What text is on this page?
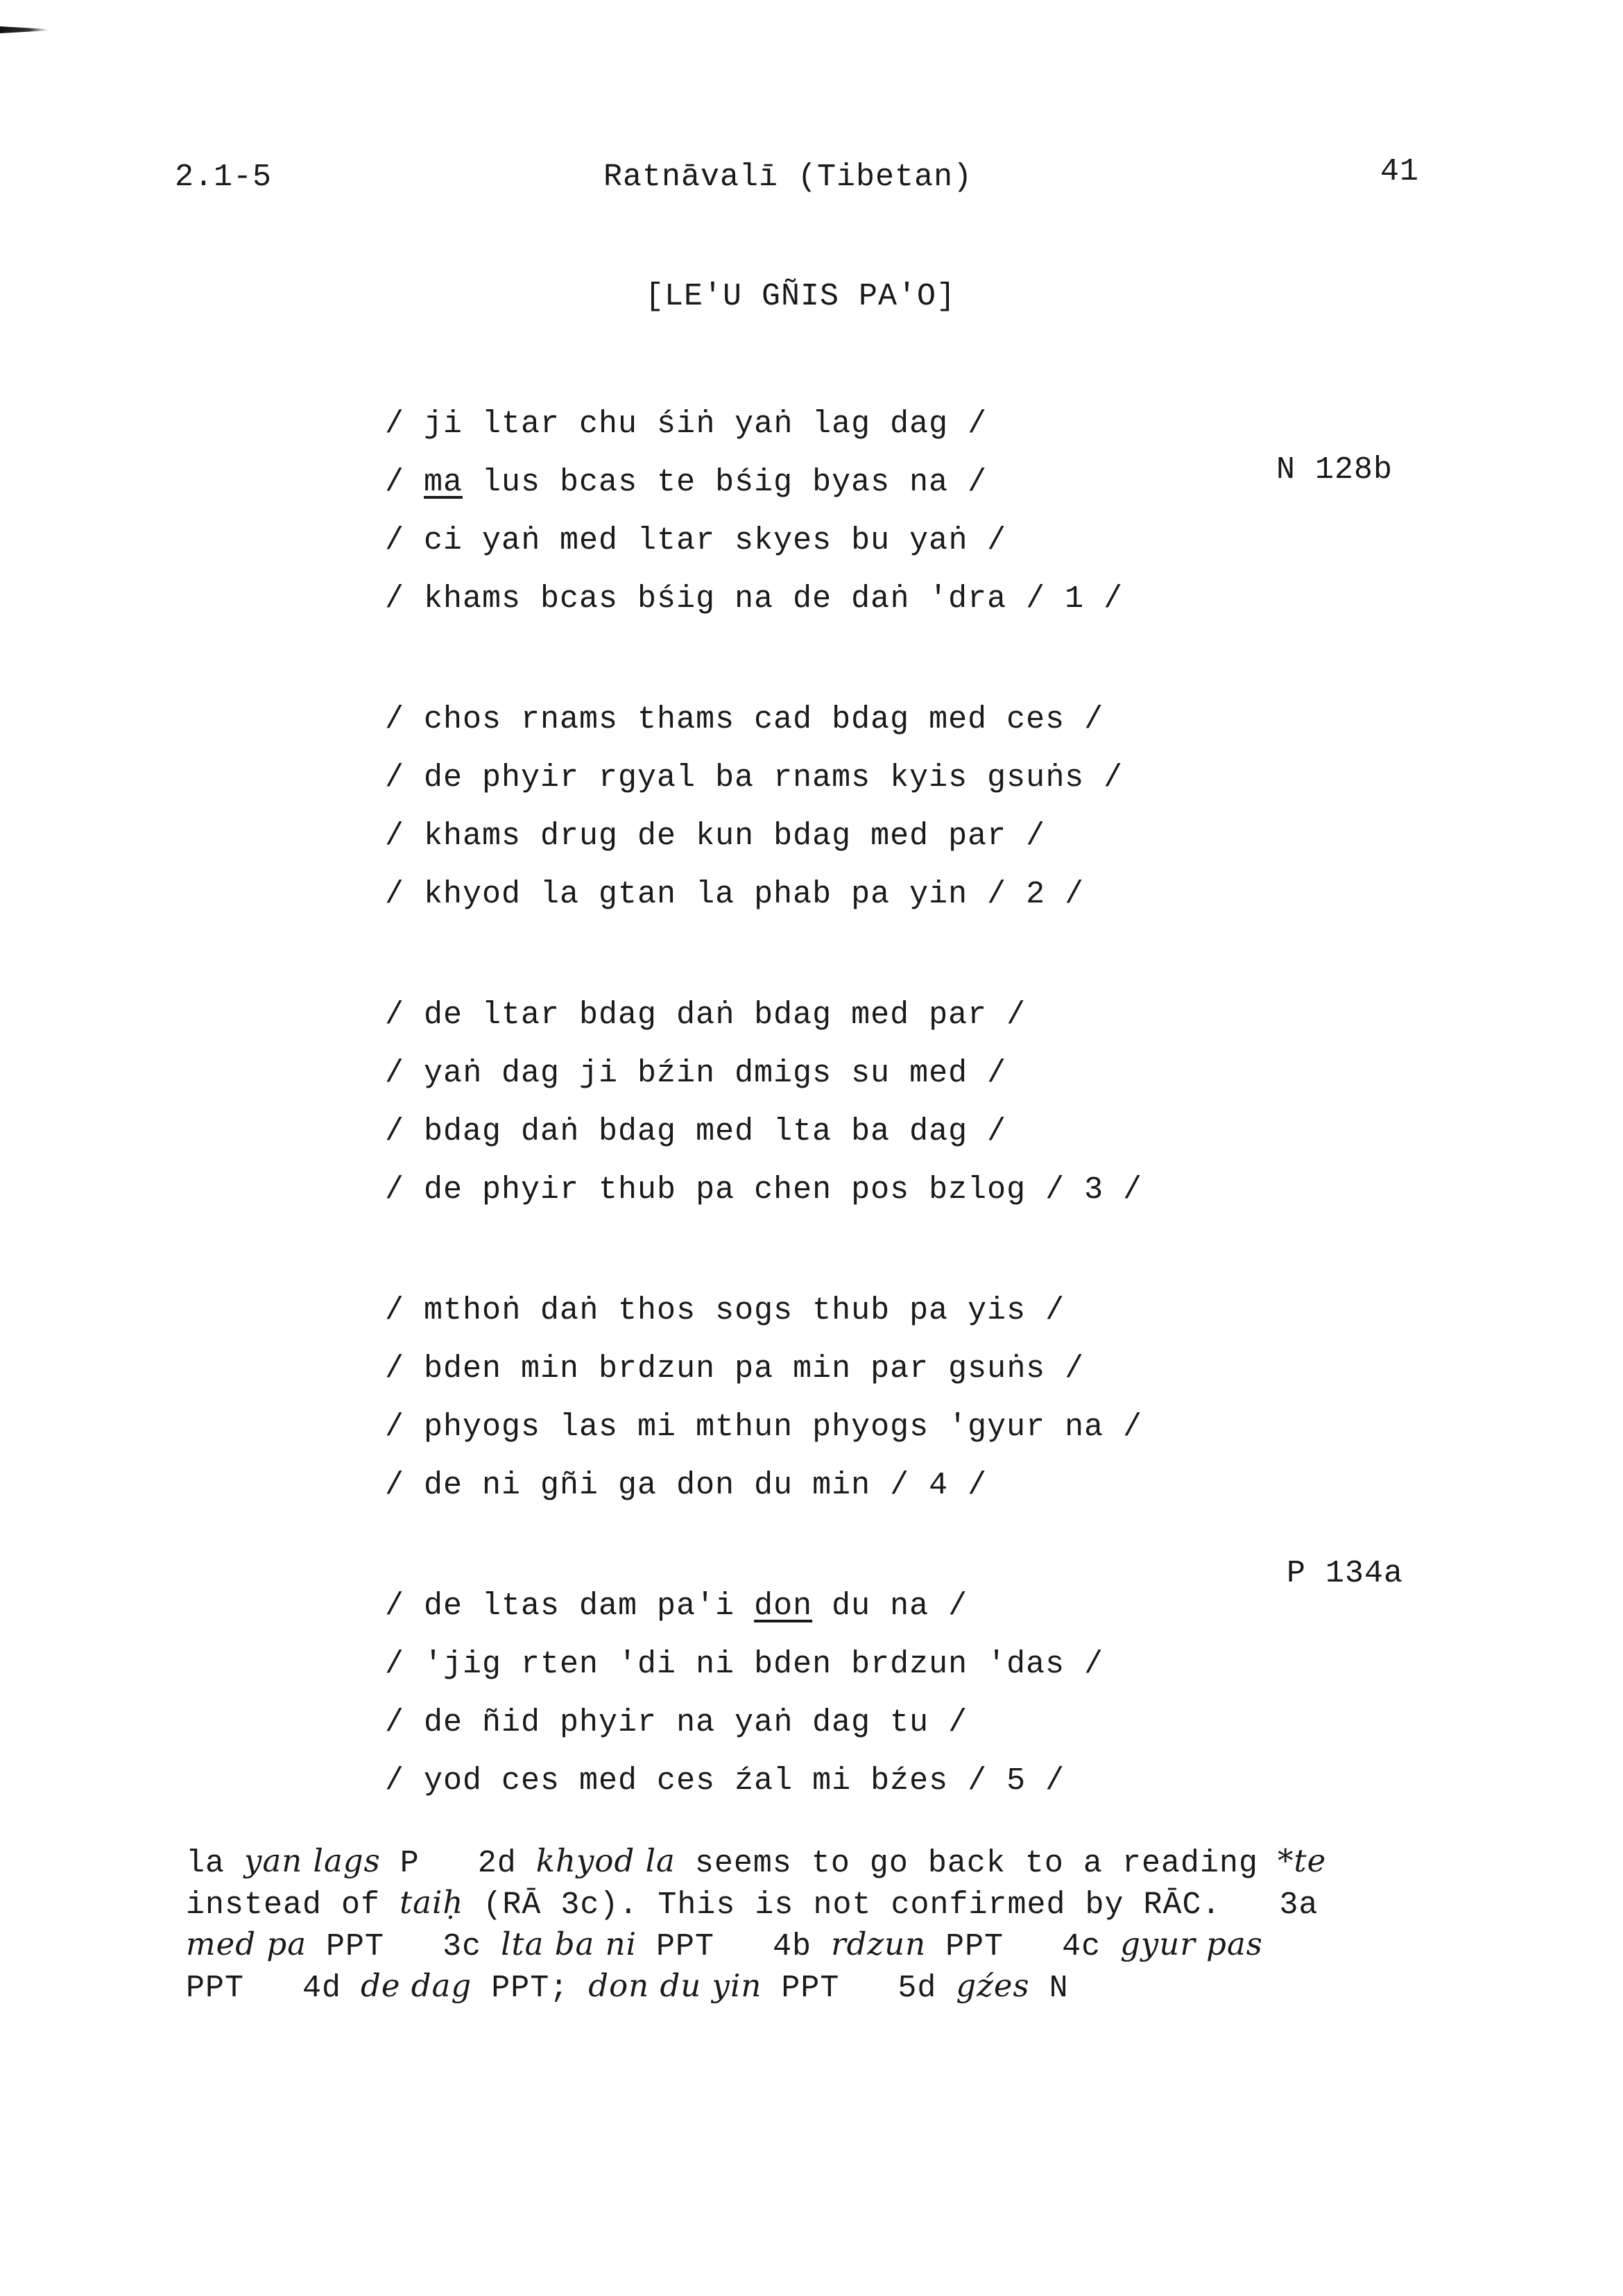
2.1-5	Ratnāvalī (Tibetan)	41
[LE'U GÑIS PA'O]
N 128b
P 134a
/ ji ltar chu śiṅ yaṅ lag dag /
/ ma lus bcas te bśig byas na /
/ ci yaṅ med ltar skyes bu yaṅ /
/ khams bcas bśig na de daṅ 'dra / 1 /
/ chos rnams thams cad bdag med ces /
/ de phyir rgyal ba rnams kyis gsuṅs /
/ khams drug de kun bdag med par /
/ khyod la gtan la phab pa yin / 2 /
/ de ltar bdag daṅ bdag med par /
/ yaṅ dag ji bźin dmigs su med /
/ bdag daṅ bdag med lta ba dag /
/ de phyir thub pa chen pos bzlog / 3 /
/ mthoṅ daṅ thos sogs thub pa yis /
/ bden min brdzun pa min par gsuṅs /
/ phyogs las mi mthun phyogs 'gyur na /
/ de ni gñi ga don du min / 4 /
/ de ltas dam pa'i don du na /
/ 'jig rten 'di ni bden brdzun 'das /
/ de ñid phyir na yaṅ dag tu /
/ yod ces med ces źal mi bźes / 5 /

la yan lags P   2d khyod la seems to go back to a reading *te

instead of taiḥ (RĀ 3c). This is not confirmed by RĀC.   3a

med pa PPT   3c lta ba ni PPT   4b rdzun PPT   4c gyur pas

PPT   4d de dag PPT; don du yin PPT   5d gźes N
